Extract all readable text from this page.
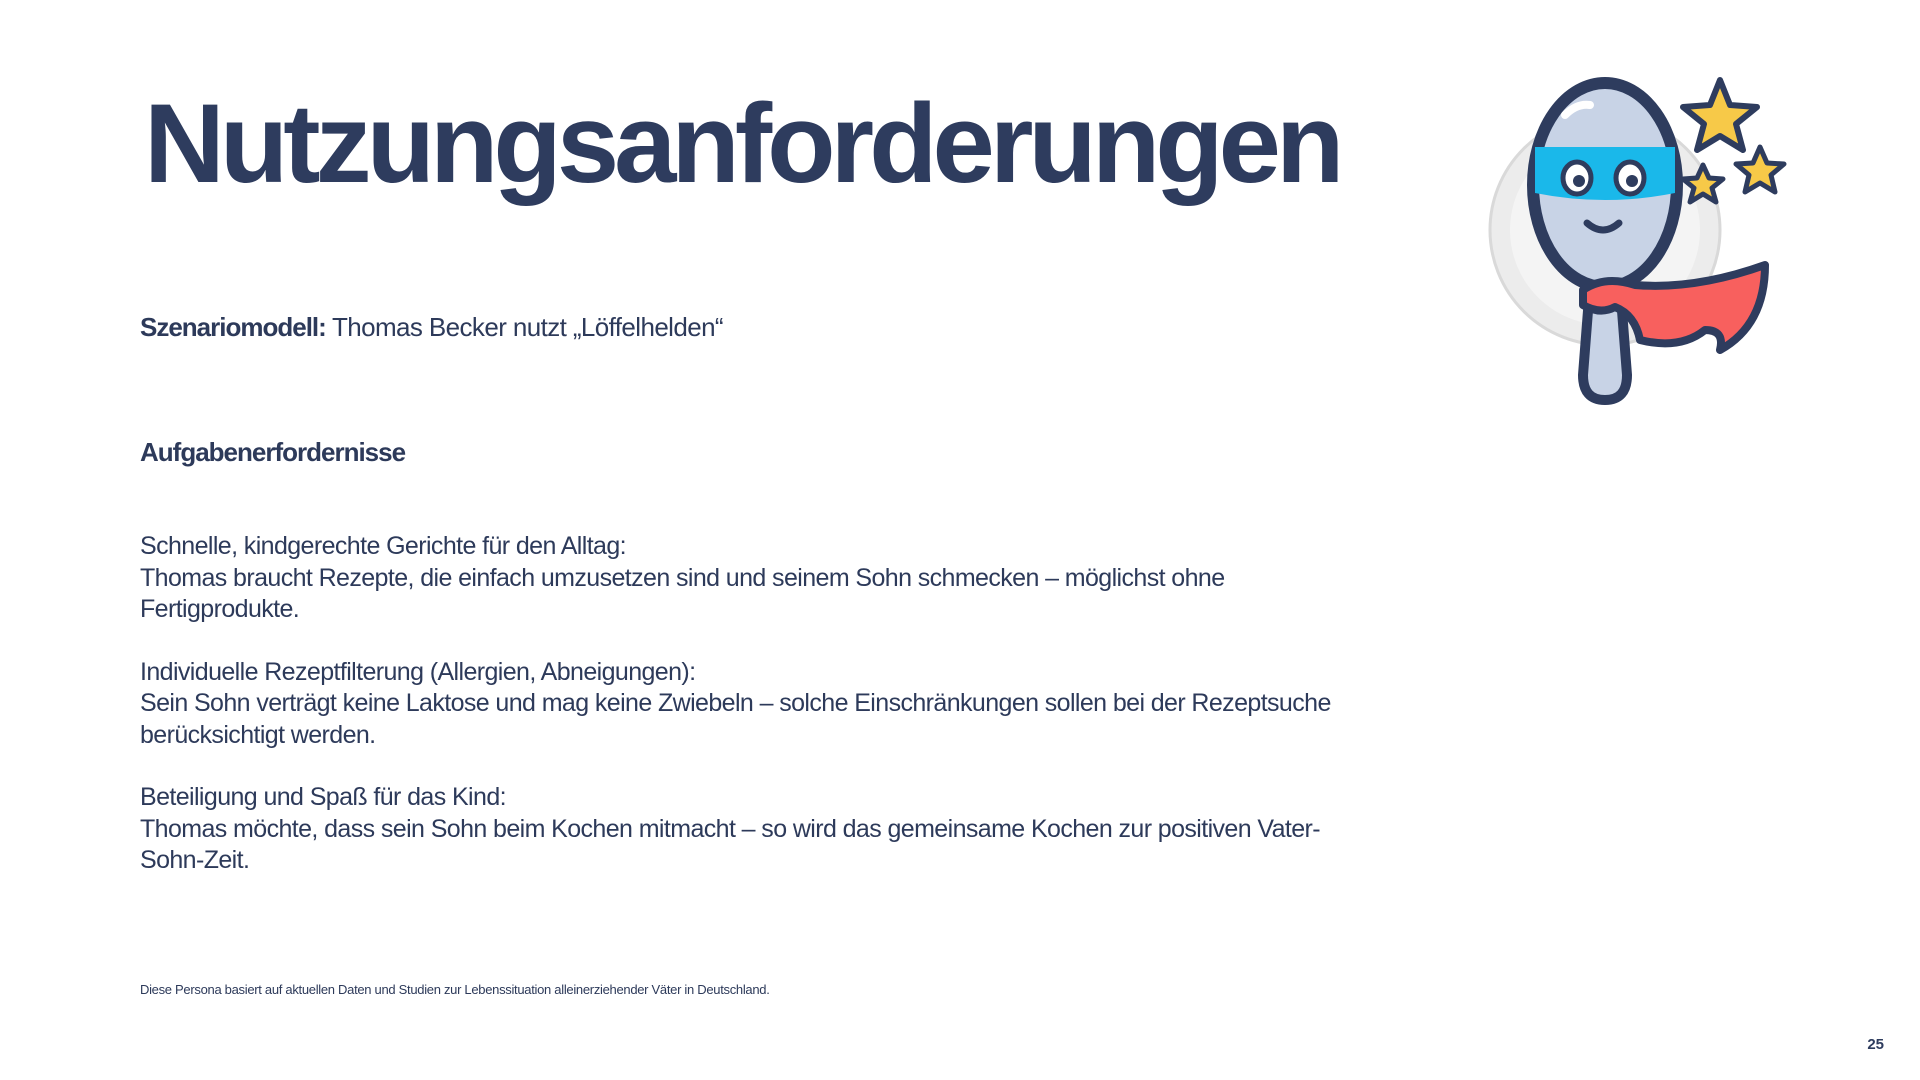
Nutzungsanforderungen
Szenariomodell: Thomas Becker nutzt „Löffelhelden“
Aufgabenerfordernisse

Schnelle, kindgerechte Gerichte für den Alltag:

Thomas braucht Rezepte, die einfach umzusetzen sind und seinem Sohn schmecken – möglichst ohne Fertigprodukte.

Individuelle Rezeptfilterung (Allergien, Abneigungen):

Sein Sohn verträgt keine Laktose und mag keine Zwiebeln – solche Einschränkungen sollen bei der Rezeptsuche berücksichtigt werden.

Beteiligung und Spaß für das Kind:

Thomas möchte, dass sein Sohn beim Kochen mitmacht – so wird das gemeinsame Kochen zur positiven Vater-Sohn-Zeit.

Diese Persona basiert auf aktuellen Daten und Studien zur Lebenssituation alleinerziehender Väter in Deutschland.
25
